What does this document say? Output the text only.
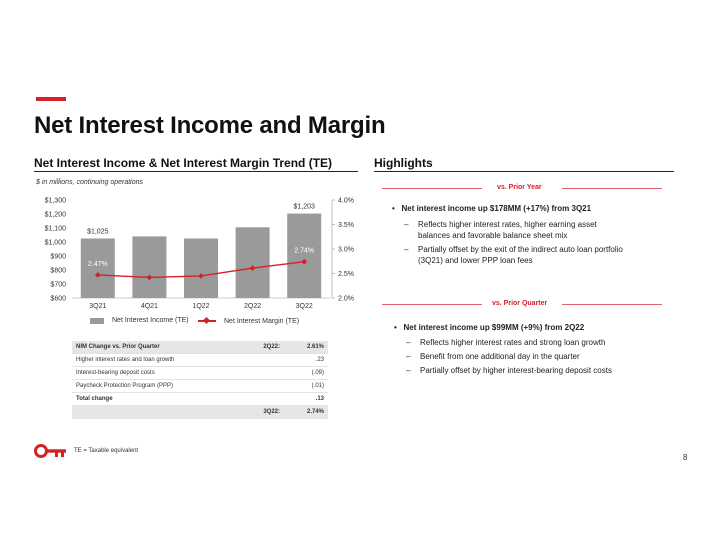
Net Interest Income and Margin
Net Interest Income & Net Interest Margin Trend (TE)
$ in millions, continuing operations
$600
$700
$800
$900
$1,000
$1,100
$1,200
$1,300
2.0%
2.5%
3.0%
3.5%
4.0%
3Q21	4Q21	1Q22	2Q22	3Q22
$1,025
$1,203
2.47%
2.74%
Net Interest Income (TE)	Net Interest Margin (TE)
NIM Change vs. Prior Quarter	2Q22:	2.61%
Higher interest rates and loan growth		.23
Interest-bearing deposit costs		(.09)
Paycheck Protection Program (PPP)		(.01)
Total change		.13
	3Q22:	2.74%
Highlights
vs. Prior Year
•   Net interest income up $178MM (+17%) from 3Q21
– Reflects higher interest rates, higher earning asset balances and favorable balance sheet mix
– Partially offset by the exit of the indirect auto loan portfolio (3Q21) and lower PPP loan fees
vs. Prior Quarter
•   Net interest income up $99MM (+9%) from 2Q22
– Reflects higher interest rates and strong loan growth
– Benefit from one additional day in the quarter
– Partially offset by higher interest-bearing deposit costs
TE = Taxable equivalent
8
